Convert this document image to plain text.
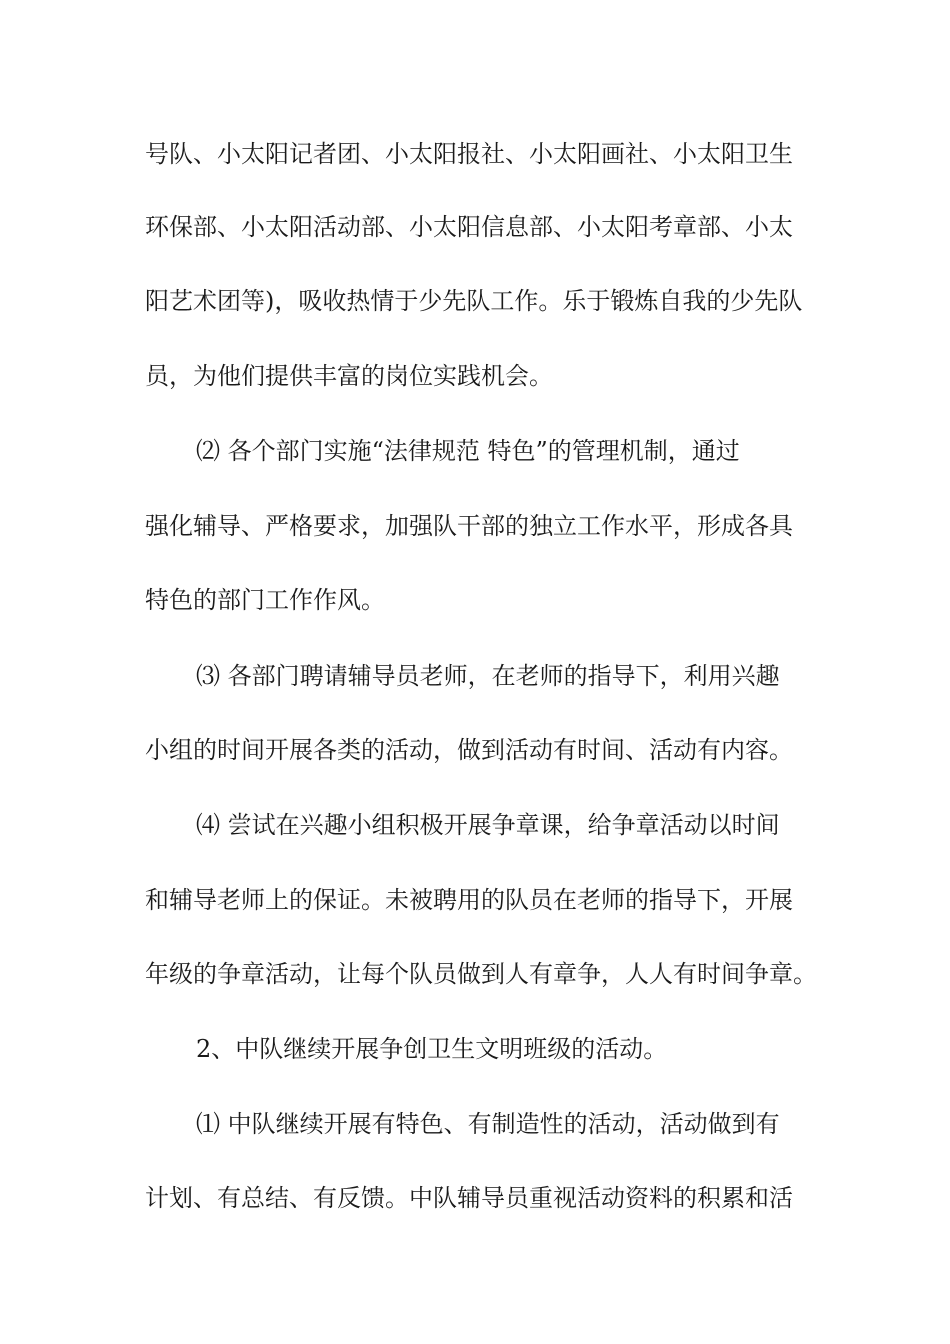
号队、小太阳记者团、小太阳报社、小太阳画社、小太阳卫生
环保部、小太阳活动部、小太阳信息部、小太阳考章部、小太
阳艺术团等)，吸收热情于少先队工作。乐于锻炼自我的少先队
员，为他们提供丰富的岗位实践机会。
⑵ 各个部门实施“法律规范 特色”的管理机制，通过
强化辅导、严格要求，加强队干部的独立工作水平，形成各具
特色的部门工作作风。
⑶ 各部门聘请辅导员老师，在老师的指导下，利用兴趣
小组的时间开展各类的活动，做到活动有时间、活动有内容。
⑷ 尝试在兴趣小组积极开展争章课，给争章活动以时间
和辅导老师上的保证。未被聘用的队员在老师的指导下，开展
年级的争章活动，让每个队员做到人有章争，人人有时间争章。
2、中队继续开展争创卫生文明班级的活动。
⑴ 中队继续开展有特色、有制造性的活动，活动做到有
计划、有总结、有反馈。中队辅导员重视活动资料的积累和活
